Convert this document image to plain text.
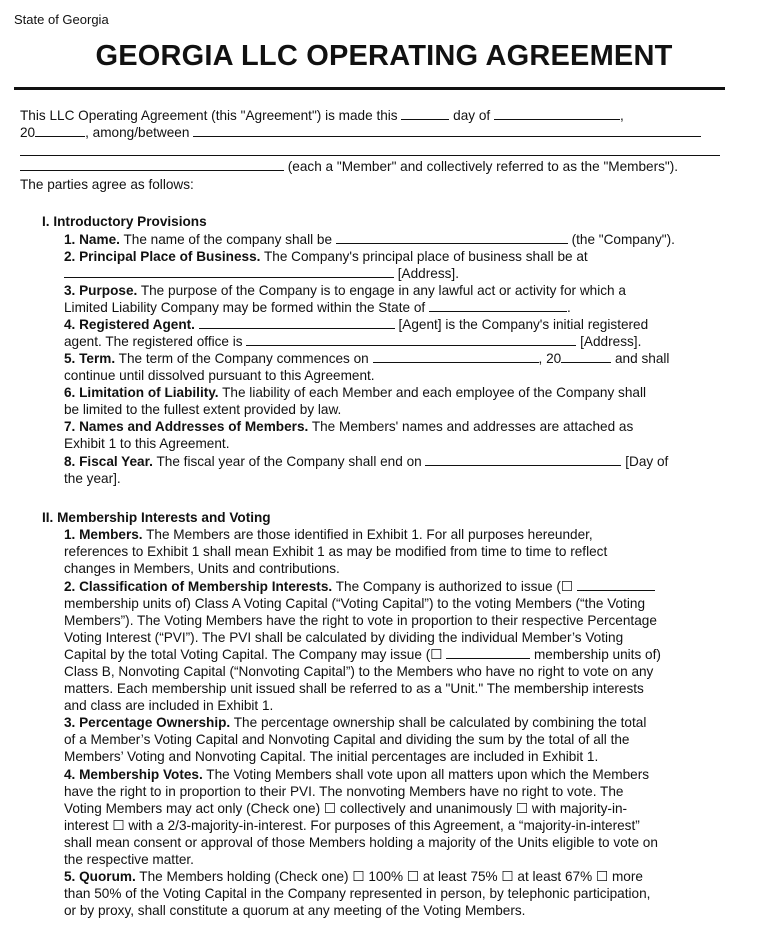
State of Georgia
GEORGIA LLC OPERATING AGREEMENT
This LLC Operating Agreement (this "Agreement") is made this	day of	,
20	, among/between
(each a "Member" and collectively referred to as the "Members").
The parties agree as follows:
I. Introductory Provisions
1. Name. The name of the company shall be	(the "Company").
2. Principal Place of Business. The Company's principal place of business shall be at
[Address].
3. Purpose. The purpose of the Company is to engage in any lawful act or activity for which a
Limited Liability Company may be formed within the State of	.
4. Registered Agent.	[Agent] is the Company's initial registered
agent. The registered office is	[Address].
5. Term. The term of the Company commences on	, 20	and shall
continue until dissolved pursuant to this Agreement.
6. Limitation of Liability. The liability of each Member and each employee of the Company shall
be limited to the fullest extent provided by law.
7. Names and Addresses of Members. The Members' names and addresses are attached as
Exhibit 1 to this Agreement.
8. Fiscal Year. The fiscal year of the Company shall end on	[Day of
the year].
II. Membership Interests and Voting
1. Members. The Members are those identified in Exhibit 1. For all purposes hereunder,
references to Exhibit 1 shall mean Exhibit 1 as may be modified from time to time to reflect
changes in Members, Units and contributions.
2. Classification of Membership Interests. The Company is authorized to issue (☐
membership units of) Class A Voting Capital (“Voting Capital”) to the voting Members (“the Voting
Members”). The Voting Members have the right to vote in proportion to their respective Percentage
Voting Interest (“PVI”). The PVI shall be calculated by dividing the individual Member’s Voting
Capital by the total Voting Capital. The Company may issue (☐	membership units of)
Class B, Nonvoting Capital (“Nonvoting Capital”) to the Members who have no right to vote on any
matters. Each membership unit issued shall be referred to as a "Unit." The membership interests
and class are included in Exhibit 1.
3. Percentage Ownership. The percentage ownership shall be calculated by combining the total
of a Member’s Voting Capital and Nonvoting Capital and dividing the sum by the total of all the
Members’ Voting and Nonvoting Capital. The initial percentages are included in Exhibit 1.
4. Membership Votes. The Voting Members shall vote upon all matters upon which the Members
have the right to in proportion to their PVI. The nonvoting Members have no right to vote. The
Voting Members may act only (Check one) ☐ collectively and unanimously ☐ with majority-in-
interest ☐ with a 2/3-majority-in-interest. For purposes of this Agreement, a “majority-in-interest”
shall mean consent or approval of those Members holding a majority of the Units eligible to vote on
the respective matter.
5. Quorum. The Members holding (Check one) ☐ 100% ☐ at least 75% ☐ at least 67% ☐ more
than 50% of the Voting Capital in the Company represented in person, by telephonic participation,
or by proxy, shall constitute a quorum at any meeting of the Voting Members.
